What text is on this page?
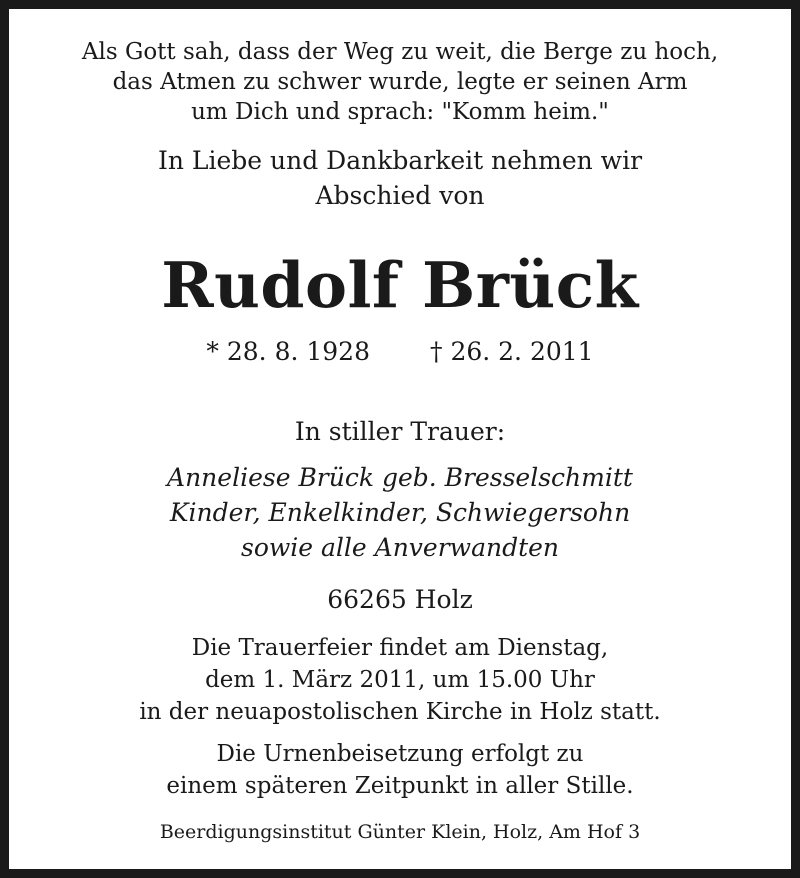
Als Gott sah, dass der Weg zu weit, die Berge zu hoch,
das Atmen zu schwer wurde, legte er seinen Arm
um Dich und sprach: "Komm heim."
In Liebe und Dankbarkeit nehmen wir
Abschied von
Rudolf Brück
* 28. 8. 1928 † 26. 2. 2011
In stiller Trauer:
Anneliese Brück geb. Bresselschmitt
Kinder, Enkelkinder, Schwiegersohn
sowie alle Anverwandten
66265 Holz
Die Trauerfeier findet am Dienstag,
dem 1. März 2011, um 15.00 Uhr
in der neuapostolischen Kirche in Holz statt.
Die Urnenbeisetzung erfolgt zu
einem späteren Zeitpunkt in aller Stille.
Beerdigungsinstitut Günter Klein, Holz, Am Hof 3
